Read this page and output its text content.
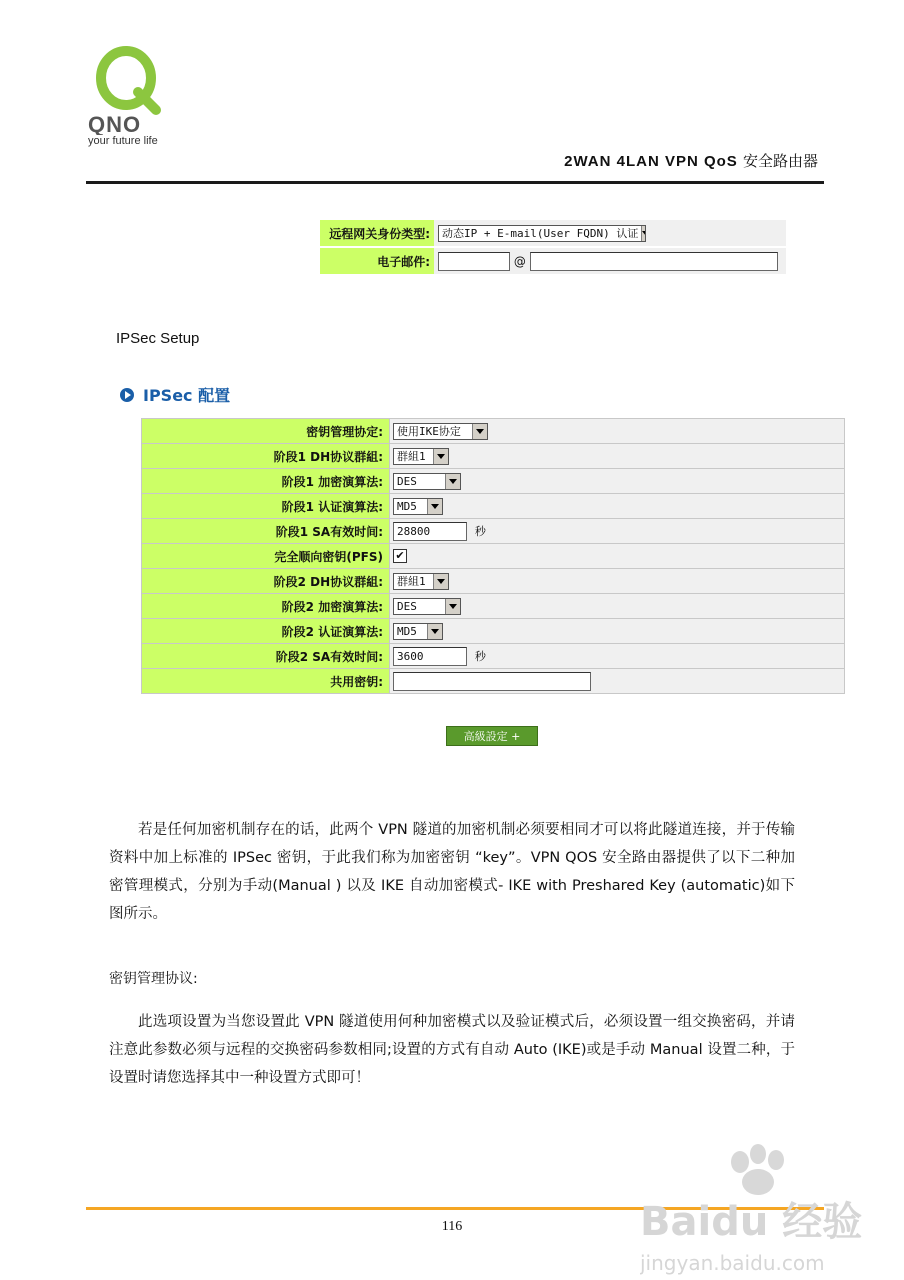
QNO
your future life
2WAN 4LAN VPN QoS 安全路由器
远程网关身份类型:	动态IP + E-mail(User FQDN) 认证

电子邮件:	@
IPSec Setup
IPSec 配置
密钥管理协定:	使用IKE协定

阶段1 DH协议群組:	群組1

阶段1 加密演算法:	DES

阶段1 认证演算法:	MD5

阶段1 SA有效时间:	28800 秒
完全顺向密钥(PFS)	✔
阶段2 DH协议群組:	群組1

阶段2 加密演算法:	DES

阶段2 认证演算法:	MD5

阶段2 SA有效时间:	3600 秒
共用密钥:	
高級設定 +
若是任何加密机制存在的话，此两个 VPN 隧道的加密机制必须要相同才可以将此隧道连接，并于传输资料中加上标准的 IPSec 密钥，于此我们称为加密密钥 “key”。VPN QOS 安全路由器提供了以下二种加密管理模式，分别为手动(Manual ) 以及 IKE 自动加密模式- IKE with Preshared Key (automatic)如下图所示。
密钥管理协议:
此选项设置为当您设置此 VPN 隧道使用何种加密模式以及验证模式后，必须设置一组交换密码，并请注意此参数必须与远程的交换密码参数相同;设置的方式有自动 Auto (IKE)或是手动 Manual 设置二种，于设置时请您选择其中一种设置方式即可！
116	Baidu 经验
jingyan.baidu.com
